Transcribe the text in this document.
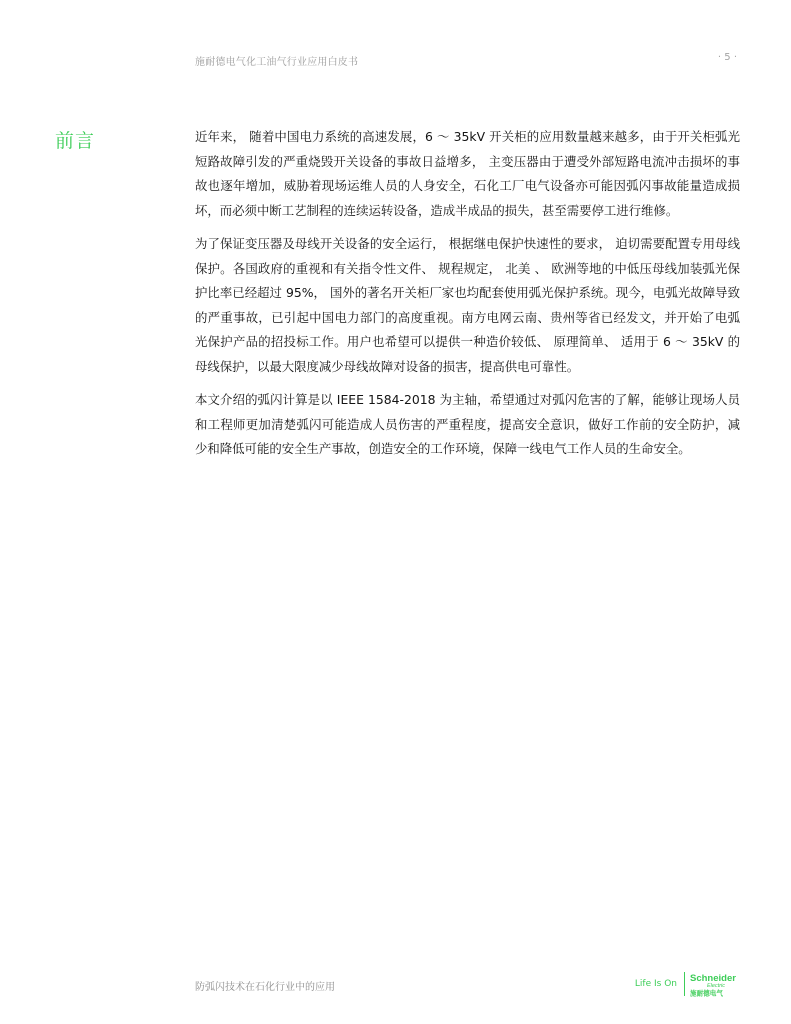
施耐德电气化工油气行业应用白皮书	· 5 ·
前言	近年来， 随着中国电力系统的高速发展，6 ～ 35kV 开关柜的应用数量越来越多，由于开关柜弧光短路故障引发的严重烧毁开关设备的事故日益增多， 主变压器由于遭受外部短路电流冲击损坏的事故也逐年增加，威胁着现场运维人员的人身安全，石化工厂电气设备亦可能因弧闪事故能量造成损坏，而必须中断工艺制程的连续运转设备，造成半成品的损失，甚至需要停工进行维修。

为了保证变压器及母线开关设备的安全运行， 根据继电保护快速性的要求， 迫切需要配置专用母线保护。各国政府的重视和有关指令性文件、 规程规定， 北美 、 欧洲等地的中低压母线加装弧光保护比率已经超过 95%， 国外的著名开关柜厂家也均配套使用弧光保护系统。现今，电弧光故障导致的严重事故，已引起中国电力部门的高度重视。南方电网云南、贵州等省已经发文，并开始了电弧光保护产品的招投标工作。用户也希望可以提供一种造价较低、 原理简单、 适用于 6 ～ 35kV 的母线保护，以最大限度减少母线故障对设备的损害，提高供电可靠性。

本文介绍的弧闪计算是以 IEEE 1584-2018 为主轴，希望通过对弧闪危害的了解，能够让现场人员和工程师更加清楚弧闪可能造成人员伤害的严重程度，提高安全意识，做好工作前的安全防护，减少和降低可能的安全生产事故，创造安全的工作环境，保障一线电气工作人员的生命安全。

防弧闪技术在石化行业中的应用	Life Is On Schneider
Electric
施耐德电气
